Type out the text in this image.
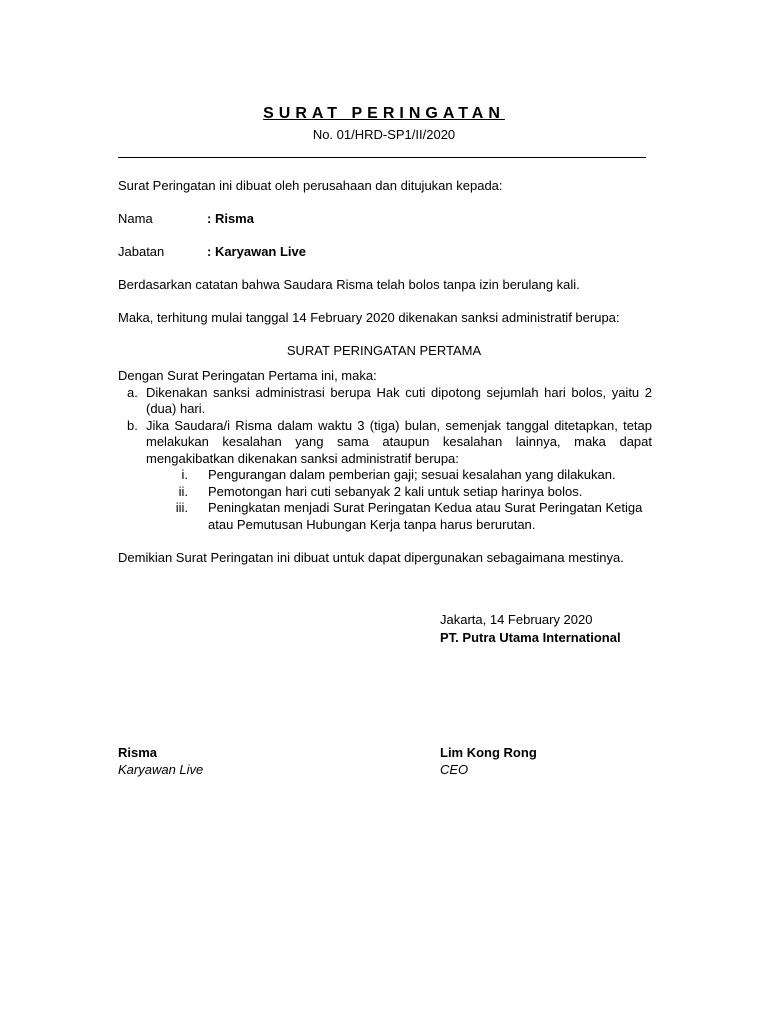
SURAT PERINGATAN
No. 01/HRD-SP1/II/2020
Surat Peringatan ini dibuat oleh perusahaan dan ditujukan kepada:
Nama	: Risma
Jabatan	: Karyawan Live
Berdasarkan catatan bahwa Saudara Risma telah bolos tanpa izin berulang kali.
Maka, terhitung mulai tanggal 14 February 2020 dikenakan sanksi administratif berupa:
SURAT PERINGATAN PERTAMA
Dengan Surat Peringatan Pertama ini, maka:
a. Dikenakan sanksi administrasi berupa Hak cuti dipotong sejumlah hari bolos, yaitu 2 (dua) hari.
b. Jika Saudara/i Risma dalam waktu 3 (tiga) bulan, semenjak tanggal ditetapkan, tetap melakukan kesalahan yang sama ataupun kesalahan lainnya, maka dapat mengakibatkan dikenakan sanksi administratif berupa:
i. Pengurangan dalam pemberian gaji; sesuai kesalahan yang dilakukan.
ii. Pemotongan hari cuti sebanyak 2 kali untuk setiap harinya bolos.
iii. Peningkatan menjadi Surat Peringatan Kedua atau Surat Peringatan Ketiga atau Pemutusan Hubungan Kerja tanpa harus berurutan.
Demikian Surat Peringatan ini dibuat untuk dapat dipergunakan sebagaimana mestinya.
Jakarta, 14 February 2020
PT. Putra Utama International
Risma
Karyawan Live
Lim Kong Rong
CEO
